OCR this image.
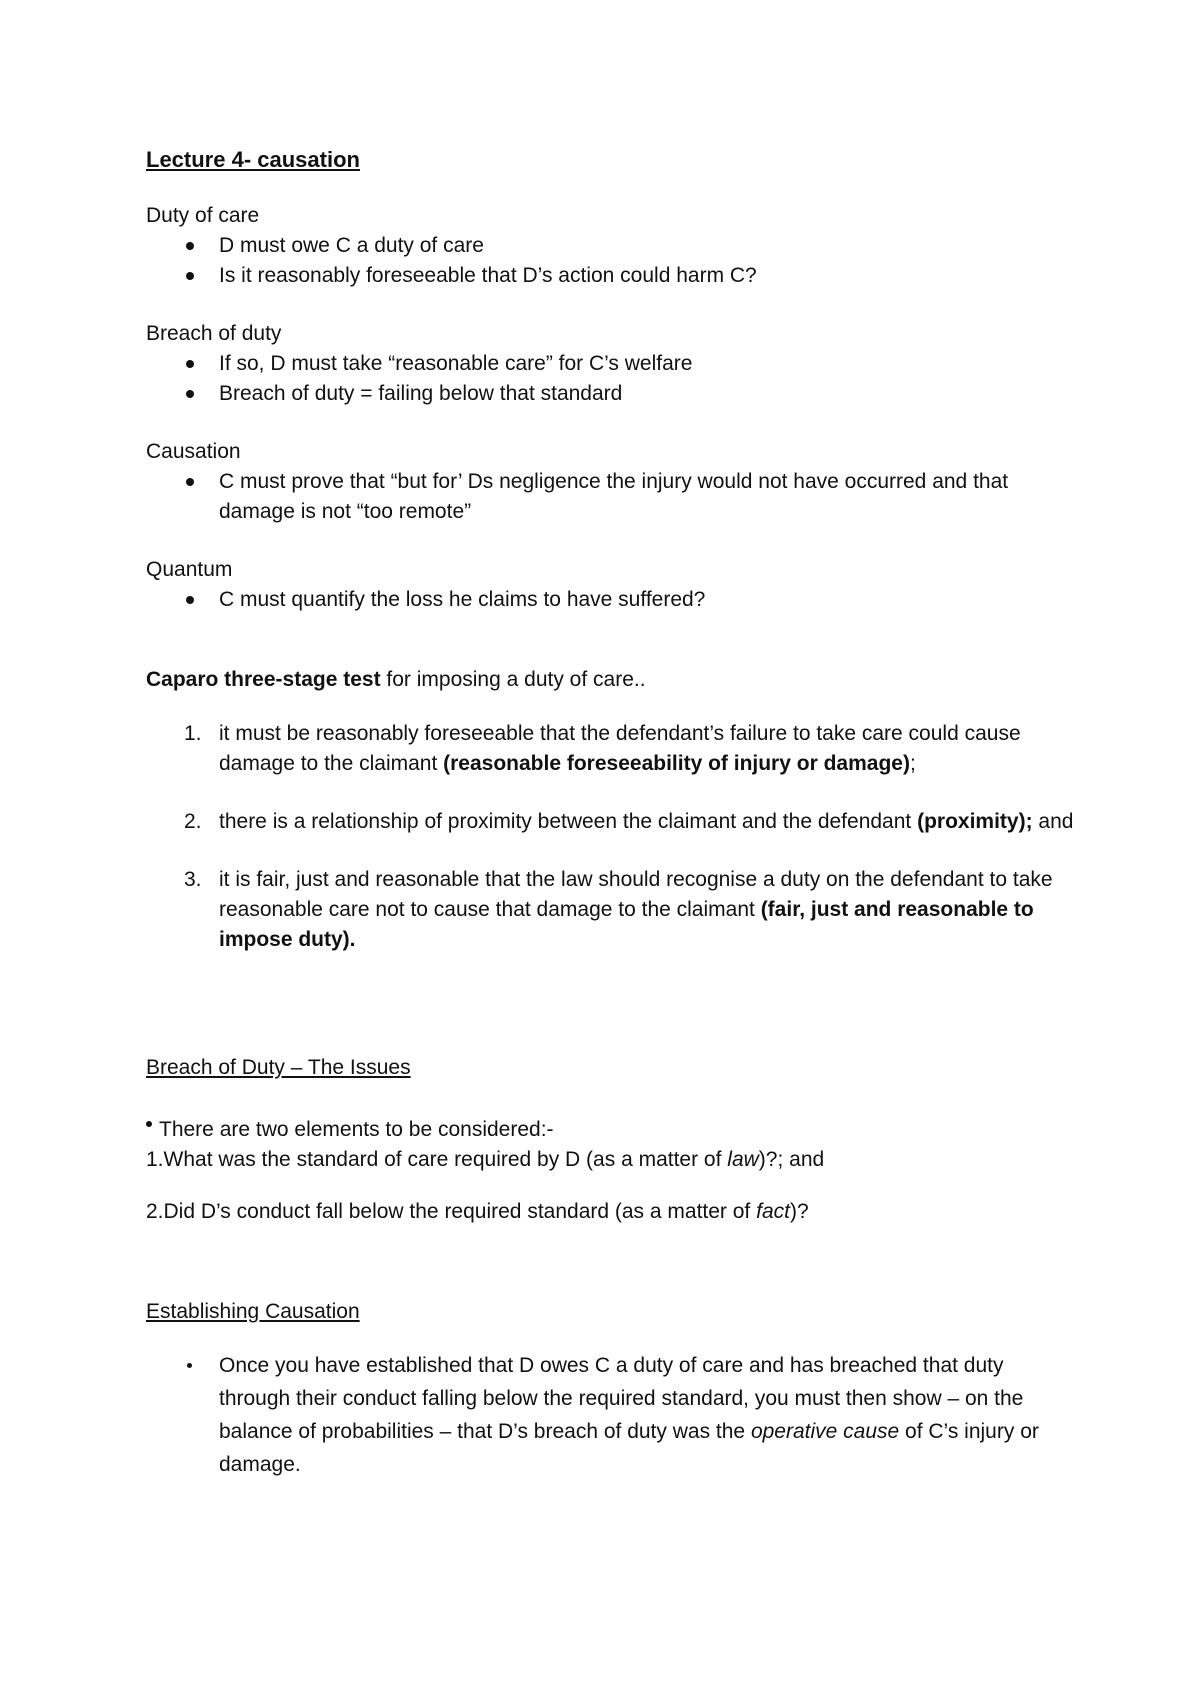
Lecture 4- causation

Duty of care

D must owe C a duty of care
Is it reasonably foreseeable that D’s action could harm C?

Breach of duty

If so, D must take “reasonable care” for C’s welfare
Breach of duty = failing below that standard

Causation

C must prove that “but for’ Ds negligence the injury would not have occurred and that damage is not “too remote”

Quantum

C must quantify the loss he claims to have suffered?

Caparo three-stage test for imposing a duty of care..

1. it must be reasonably foreseeable that the defendant’s failure to take care could cause damage to the claimant (reasonable foreseeability of injury or damage);
2. there is a relationship of proximity between the claimant and the defendant (proximity); and
3. it is fair, just and reasonable that the law should recognise a duty on the defendant to take reasonable care not to cause that damage to the claimant (fair, just and reasonable to impose duty).

Breach of Duty – The Issues

There are two elements to be considered:-

1.What was the standard of care required by D (as a matter of law)?; and

2.Did D’s conduct fall below the required standard (as a matter of fact)?

Establishing Causation

Once you have established that D owes C a duty of care and has breached that duty through their conduct falling below the required standard, you must then show – on the balance of probabilities – that D’s breach of duty was the operative cause of C’s injury or damage.
